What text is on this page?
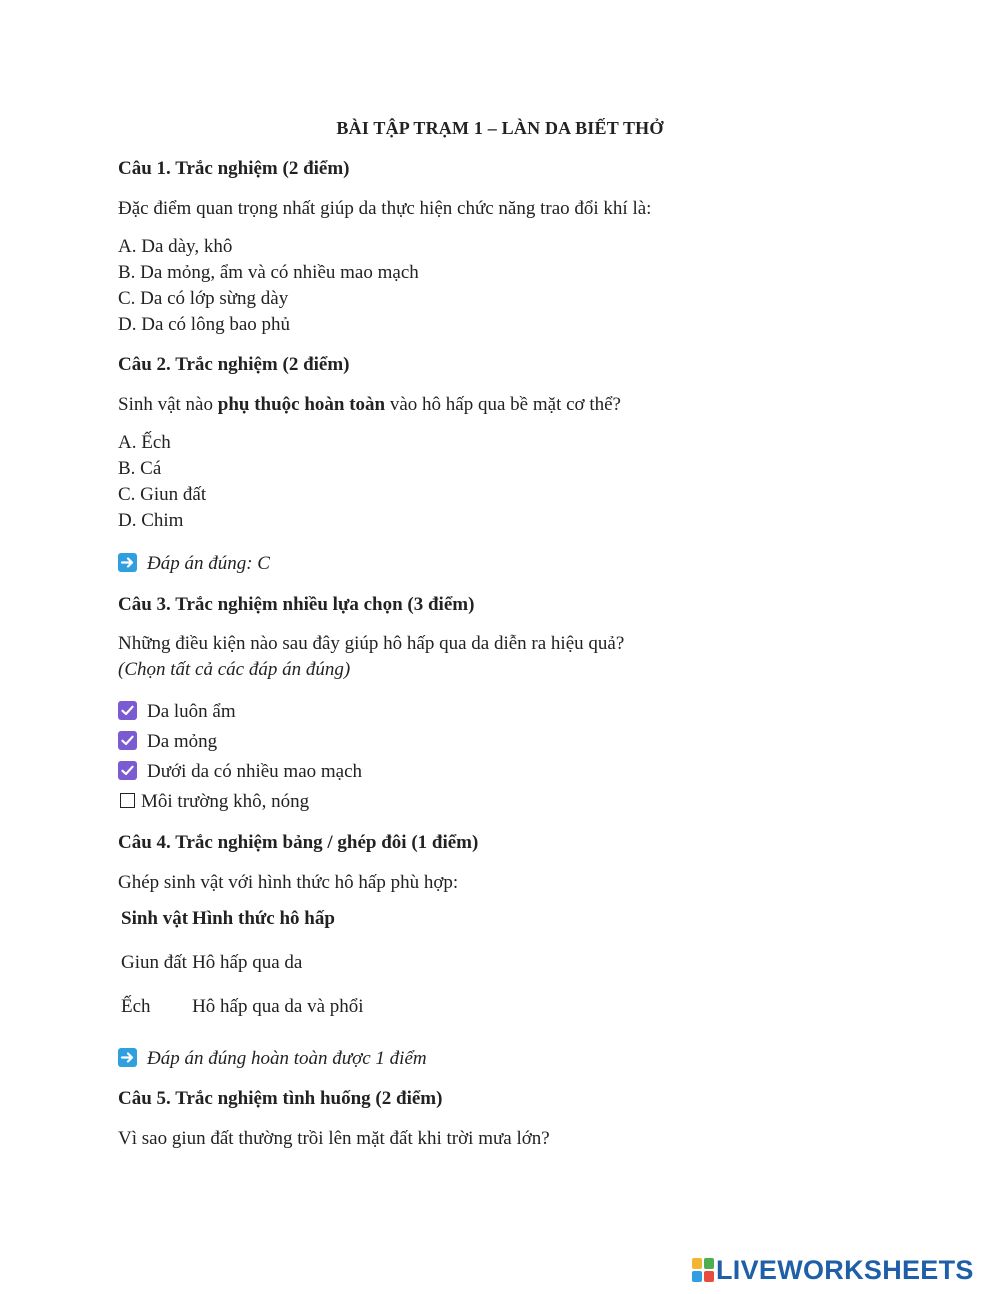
BÀI TẬP TRẠM 1 – LÀN DA BIẾT THỞ
Câu 1. Trắc nghiệm (2 điểm)
Đặc điểm quan trọng nhất giúp da thực hiện chức năng trao đổi khí là:
A. Da dày, khô
B. Da mỏng, ẩm và có nhiều mao mạch
C. Da có lớp sừng dày
D. Da có lông bao phủ
Câu 2. Trắc nghiệm (2 điểm)
Sinh vật nào phụ thuộc hoàn toàn vào hô hấp qua bề mặt cơ thể?
A. Ếch
B. Cá
C. Giun đất
D. Chim
Đáp án đúng: C
Câu 3. Trắc nghiệm nhiều lựa chọn (3 điểm)
Những điều kiện nào sau đây giúp hô hấp qua da diễn ra hiệu quả?
(Chọn tất cả các đáp án đúng)
Da luôn ẩm
Da mỏng
Dưới da có nhiều mao mạch
Môi trường khô, nóng
Câu 4. Trắc nghiệm bảng / ghép đôi (1 điểm)
Ghép sinh vật với hình thức hô hấp phù hợp:
Sinh vật	Hình thức hô hấp
Giun đất	Hô hấp qua da
Ếch	Hô hấp qua da và phổi
Đáp án đúng hoàn toàn được 1 điểm
Câu 5. Trắc nghiệm tình huống (2 điểm)
Vì sao giun đất thường trồi lên mặt đất khi trời mưa lớn?
LIVEWORKSHEETS
